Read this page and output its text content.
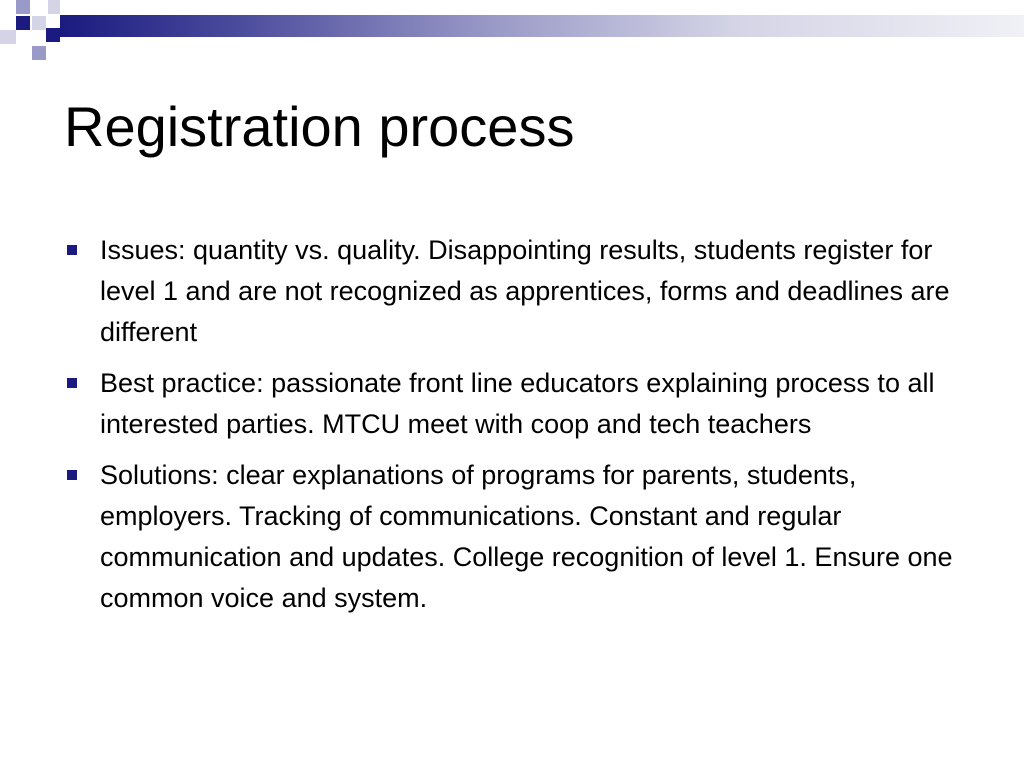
Registration process
Issues: quantity vs. quality. Disappointing results, students register for level 1 and are not recognized as apprentices, forms and deadlines are different
Best practice: passionate front line educators explaining process to all interested parties. MTCU meet with coop and tech teachers
Solutions: clear explanations of programs for parents, students, employers. Tracking of communications. Constant and regular communication and updates. College recognition of level 1. Ensure one common voice and system.
